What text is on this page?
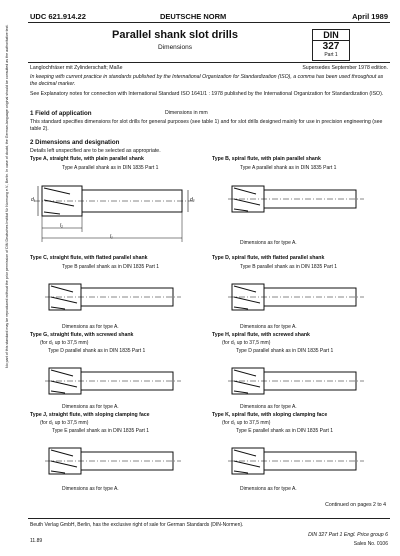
UDC 621.914.22	DEUTSCHE NORM	April 1989
Parallel shank slot drills
Dimensions
DIN
327
Part 1
Langlochfräser mit Zylinderschaft; Maße	Supersedes September 1978 edition.
In keeping with current practice in standards published by the International Organization for Standardization (ISO), a comma has been used throughout as the decimal marker.
See Explanatory notes for connection with International Standard ISO 1641/1 : 1978 published by the International Organization for Standardization (ISO).
1 Field of application	Dimensions in mm
This standard specifies dimensions for slot drills for general purposes (see table 1) and for slot drills designed mainly for use in precision engineering (see table 2).
2 Dimensions and designation
Details left unspecified are to be selected as appropriate.
No part of this standard may be reproduced without the prior permission of DIN Deutsches Institut für Normung e.V., Berlin. In case of doubt, the German-language original should be consulted as the authoritative text.	Type A, straight flute, with plain parallel shank
Type A parallel shank as in DIN 1835 Part 1
d₁	d₂
l₂
l₁
Type B, spiral flute, with plain parallel shank
Type A parallel shank as in DIN 1835 Part 1
Dimensions as for type A.
Type C, straight flute, with flatted parallel shank
Type B parallel shank as in DIN 1835 Part 1
Dimensions as for type A.
Type D, spiral flute, with flatted parallel shank
Type B parallel shank as in DIN 1835 Part 1
Dimensions as for type A.
Type G, straight flute, with screwed shank
(for d₁ up to 37,5 mm)
Type D parallel shank as in DIN 1835 Part 1
Dimensions as for type A.
Type H, spiral flute, with screwed shank
(for d₁ up to 37,5 mm)
Type D parallel shank as in DIN 1835 Part 1
Dimensions as for type A.
Type J, straight flute, with sloping clamping face
(for d₁ up to 37,5 mm)
Type E parallel shank as in DIN 1835 Part 1
Dimensions as for type A.
Type K, spiral flute, with sloping clamping face
(for d₁ up to 37,5 mm)
Type E parallel shank as in DIN 1835 Part 1
Dimensions as for type A.
Continued on pages 2 to 4
Beuth Verlag GmbH, Berlin, has the exclusive right of sale for German Standards (DIN-Normen).
11.89
DIN 327 Part 1 Engl. Price group 6
Sales No. 0106
